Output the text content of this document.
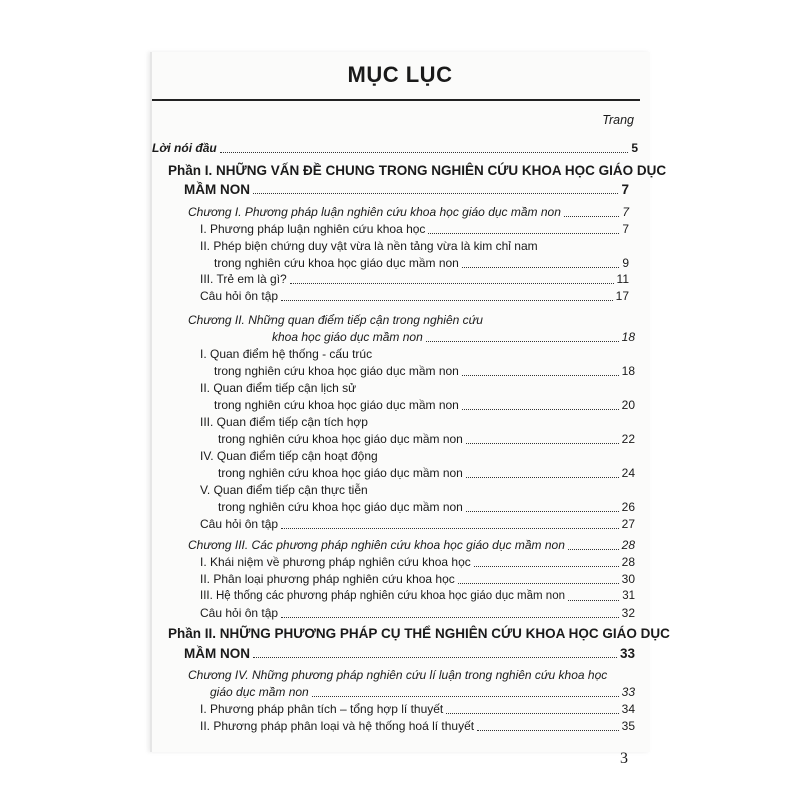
MỤC LỤC
Trang
Lời nói đầu	5
Phần I. NHỮNG VẤN ĐỀ CHUNG TRONG NGHIÊN CỨU KHOA HỌC GIÁO DỤC
MẦM NON	7
Chương I. Phương pháp luận nghiên cứu khoa học giáo dục mầm non	7
I. Phương pháp luận nghiên cứu khoa học	7
II. Phép biện chứng duy vật vừa là nền tảng vừa là kim chỉ nam
trong nghiên cứu khoa học giáo dục mầm non	9
III. Trẻ em là gì?	11
Câu hỏi ôn tập	17
Chương II. Những quan điểm tiếp cận trong nghiên cứu
khoa học giáo dục mầm non	18
I. Quan điểm hệ thống - cấu trúc
trong nghiên cứu khoa học giáo dục mầm non	18
II. Quan điểm tiếp cận lịch sử
trong nghiên cứu khoa học giáo dục mầm non	20
III. Quan điểm tiếp cận tích hợp
trong nghiên cứu khoa học giáo dục mầm non	22
IV. Quan điểm tiếp cận hoạt động
trong nghiên cứu khoa học giáo dục mầm non	24
V. Quan điểm tiếp cận thực tiễn
trong nghiên cứu khoa học giáo dục mầm non	26
Câu hỏi ôn tập	27
Chương III. Các phương pháp nghiên cứu khoa học giáo dục mầm non	28
I. Khái niệm về phương pháp nghiên cứu khoa học	28
II. Phân loại phương pháp nghiên cứu khoa học	30
III. Hệ thống các phương pháp nghiên cứu khoa học giáo dục mầm non	31
Câu hỏi ôn tập	32
Phần II. NHỮNG PHƯƠNG PHÁP CỤ THỂ NGHIÊN CỨU KHOA HỌC GIÁO DỤC
MẦM NON	33
Chương IV. Những phương pháp nghiên cứu lí luận trong nghiên cứu khoa học
giáo dục mầm non	33
I. Phương pháp phân tích – tổng hợp lí thuyết	34
II. Phương pháp phân loại và hệ thống hoá lí thuyết	35
3
